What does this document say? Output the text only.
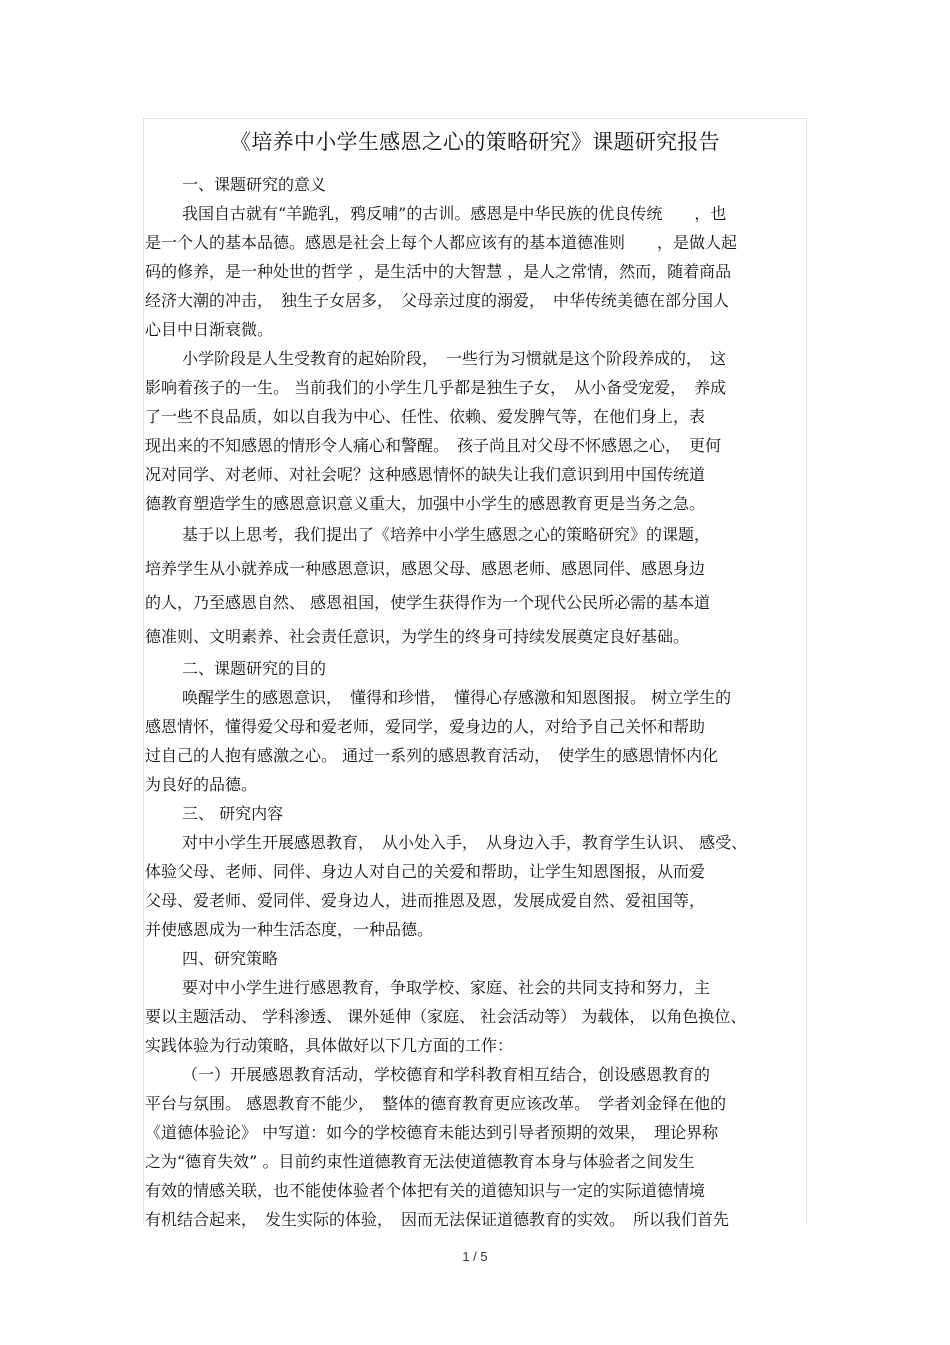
《培养中小学生感恩之心的策略研究》课题研究报告
一、课题研究的意义
我国自古就有“羊跪乳，鸦反哺”的古训。感恩是中华民族的优良传统　　，也
是一个人的基本品德。感恩是社会上每个人都应该有的基本道德准则　　，是做人起
码的修养，是一种处世的哲学 ，是生活中的大智慧 ，是人之常情，然而，随着商品
经济大潮的冲击，　独生子女居多，　父母亲过度的溺爱，　中华传统美德在部分国人
心目中日渐衰微。
小学阶段是人生受教育的起始阶段，　一些行为习惯就是这个阶段养成的，　这
影响着孩子的一生。 当前我们的小学生几乎都是独生子女，　从小备受宠爱，　养成
了一些不良品质，如以自我为中心、任性、依赖、爱发脾气等，在他们身上，表
现出来的不知感恩的情形令人痛心和警醒。　孩子尚且对父母不怀感恩之心，　更何
况对同学、对老师、对社会呢？这种感恩情怀的缺失让我们意识到用中国传统道
德教育塑造学生的感恩意识意义重大，加强中小学生的感恩教育更是当务之急。
基于以上思考，我们提出了《培养中小学生感恩之心的策略研究》的课题，
培养学生从小就养成一种感恩意识，感恩父母、感恩老师、感恩同伴、感恩身边
的人，乃至感恩自然、 感恩祖国，使学生获得作为一个现代公民所必需的基本道
德准则、文明素养、社会责任意识，为学生的终身可持续发展奠定良好基础。
二、课题研究的目的
唤醒学生的感恩意识，　懂得和珍惜，　懂得心存感激和知恩图报。 树立学生的
感恩情怀，懂得爱父母和爱老师，爱同学，爱身边的人，对给予自己关怀和帮助
过自己的人抱有感激之心。 通过一系列的感恩教育活动，　使学生的感恩情怀内化
为良好的品德。
三、 研究内容
对中小学生开展感恩教育，　从小处入手，　从身边入手，教育学生认识、 感受、
体验父母、老师、同伴、身边人对自己的关爱和帮助，让学生知恩图报，从而爱
父母、爱老师、爱同伴、爱身边人，进而推恩及恩，发展成爱自然、爱祖国等，
并使感恩成为一种生活态度，一种品德。
四、研究策略
要对中小学生进行感恩教育，争取学校、家庭、社会的共同支持和努力，主
要以主题活动、 学科渗透、 课外延伸（家庭、 社会活动等） 为载体， 以角色换位、
实践体验为行动策略，具体做好以下几方面的工作：
（一）开展感恩教育活动，学校德育和学科教育相互结合，创设感恩教育的
平台与氛围。 感恩教育不能少，　整体的德育教育更应该改革。　学者刘金铎在他的
《道德体验论》 中写道：如今的学校德育未能达到引导者预期的效果，　理论界称
之为“德育失效” 。目前约束性道德教育无法使道德教育本身与体验者之间发生
有效的情感关联，也不能使体验者个体把有关的道德知识与一定的实际道德情境
有机结合起来，　发生实际的体验，　因而无法保证道德教育的实效。　所以我们首先
1 / 5
